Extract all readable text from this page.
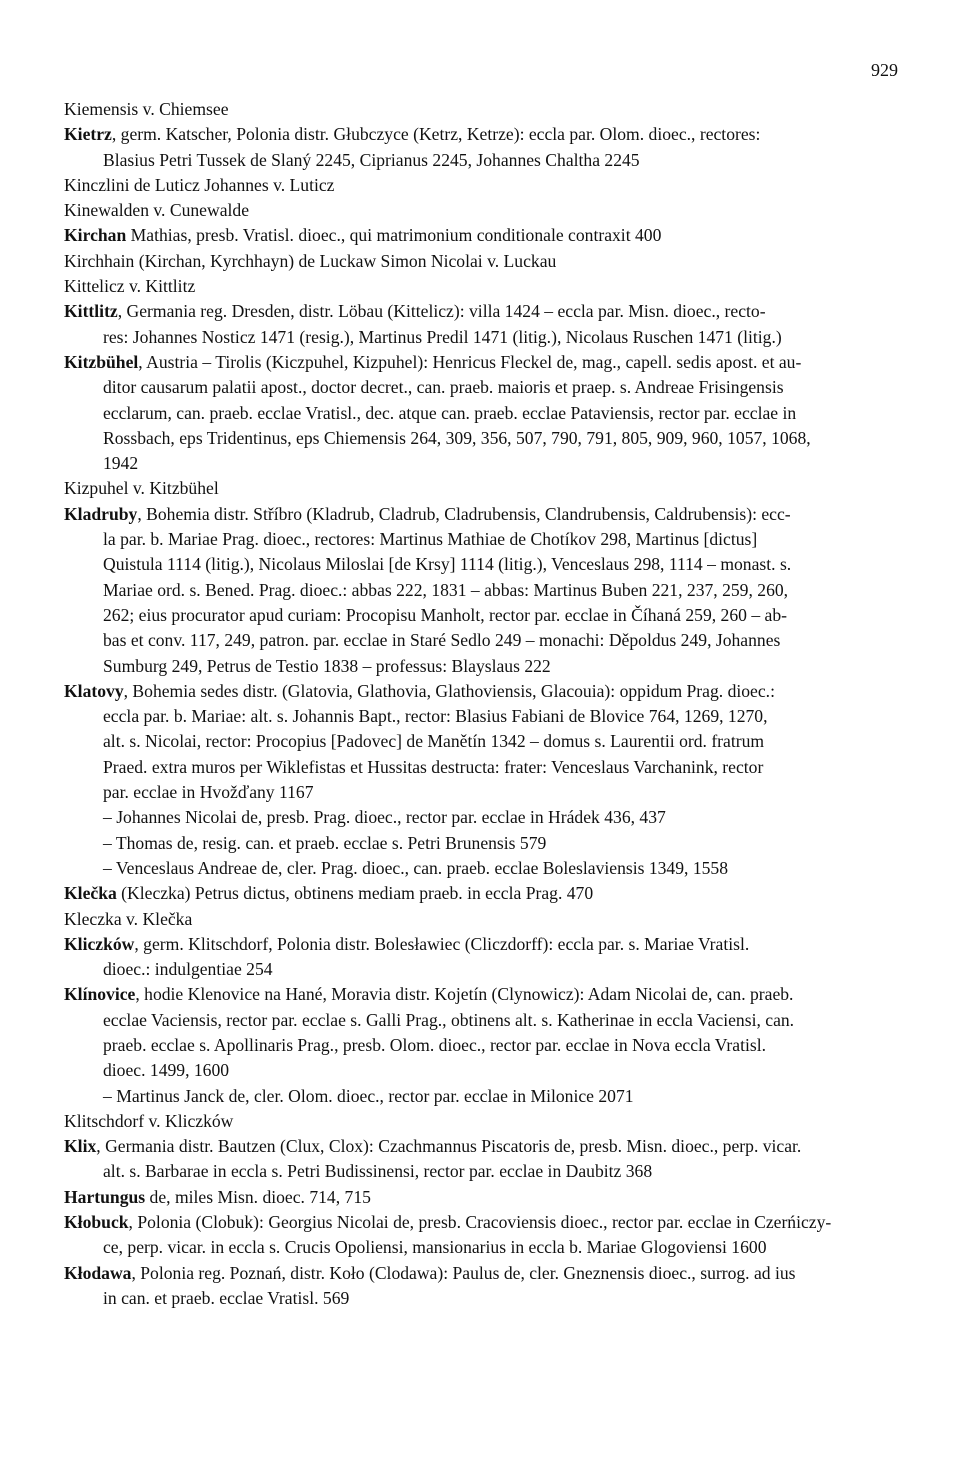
929

Kiemensis v. Chiemsee

Kietrz, germ. Katscher, Polonia distr. Głubczyce (Ketrz, Ketrze): eccla par. Olom. dioec., rectores:
Blasius Petri Tussek de Slaný 2245, Ciprianus 2245, Johannes Chaltha 2245

Kinczlini de Luticz Johannes v. Luticz

Kinewalden v. Cunewalde

Kirchan Mathias, presb. Vratisl. dioec., qui matrimonium conditionale contraxit 400

Kirchhain (Kirchan, Kyrchhayn) de Luckaw Simon Nicolai v. Luckau

Kittelicz v. Kittlitz

Kittlitz, Germania reg. Dresden, distr. Löbau (Kittelicz): villa 1424 – eccla par. Misn. dioec., recto-
res: Johannes Nosticz 1471 (resig.), Martinus Predil 1471 (litig.), Nicolaus Ruschen 1471 (litig.)

Kitzbühel, Austria – Tirolis (Kiczpuhel, Kizpuhel): Henricus Fleckel de, mag., capell. sedis apost. et au-
ditor causarum palatii apost., doctor decret., can. praeb. maioris et praep. s. Andreae Frisingensis
ecclarum, can. praeb. ecclae Vratisl., dec. atque can. praeb. ecclae Pataviensis, rector par. ecclae in
Rossbach, eps Tridentinus, eps Chiemensis 264, 309, 356, 507, 790, 791, 805, 909, 960, 1057, 1068,
1942

Kizpuhel v. Kitzbühel

Kladruby, Bohemia distr. Stříbro (Kladrub, Cladrub, Cladrubensis, Clandrubensis, Caldrubensis): ecc-
la par. b. Mariae Prag. dioec., rectores: Martinus Mathiae de Chotíkov 298, Martinus [dictus]
Quistula 1114 (litig.), Nicolaus Miloslai [de Krsy] 1114 (litig.), Venceslaus 298, 1114 – monast. s.
Mariae ord. s. Bened. Prag. dioec.: abbas 222, 1831 – abbas: Martinus Buben 221, 237, 259, 260,
262; eius procurator apud curiam: Procopisu Manholt, rector par. ecclae in Číhaná 259, 260 – ab-
bas et conv. 117, 249, patron. par. ecclae in Staré Sedlo 249 – monachi: Děpoldus 249, Johannes
Sumburg 249, Petrus de Testio 1838 – professus: Blayslaus 222

Klatovy, Bohemia sedes distr. (Glatovia, Glathovia, Glathoviensis, Glacouia): oppidum Prag. dioec.:
eccla par. b. Mariae: alt. s. Johannis Bapt., rector: Blasius Fabiani de Blovice 764, 1269, 1270,
alt. s. Nicolai, rector: Procopius [Padovec] de Manětín 1342 – domus s. Laurentii ord. fratrum
Praed. extra muros per Wiklefistas et Hussitas destructa: frater: Venceslaus Varchanink, rector
par. ecclae in Hvožďany 1167

– Johannes Nicolai de, presb. Prag. dioec., rector par. ecclae in Hrádek 436, 437

– Thomas de, resig. can. et praeb. ecclae s. Petri Brunensis 579

– Venceslaus Andreae de, cler. Prag. dioec., can. praeb. ecclae Boleslaviensis 1349, 1558

Klečka (Kleczka) Petrus dictus, obtinens mediam praeb. in eccla Prag. 470

Kleczka v. Klečka

Kliczków, germ. Klitschdorf, Polonia distr. Bolesławiec (Cliczdorff): eccla par. s. Mariae Vratisl.
dioec.: indulgentiae 254

Klínovice, hodie Klenovice na Hané, Moravia distr. Kojetín (Clynowicz): Adam Nicolai de, can. praeb.
ecclae Vaciensis, rector par. ecclae s. Galli Prag., obtinens alt. s. Katherinae in eccla Vaciensi, can.
praeb. ecclae s. Apollinaris Prag., presb. Olom. dioec., rector par. ecclae in Nova eccla Vratisl.
dioec. 1499, 1600

– Martinus Janck de, cler. Olom. dioec., rector par. ecclae in Milonice 2071

Klitschdorf v. Kliczków

Klix, Germania distr. Bautzen (Clux, Clox): Czachmannus Piscatoris de, presb. Misn. dioec., perp. vicar.
alt. s. Barbarae in eccla s. Petri Budissinensi, rector par. ecclae in Daubitz 368

Hartungus de, miles Misn. dioec. 714, 715

Kłobuck, Polonia (Clobuk): Georgius Nicolai de, presb. Cracoviensis dioec., rector par. ecclae in Czerńiczy-
ce, perp. vicar. in eccla s. Crucis Opoliensi, mansionarius in eccla b. Mariae Glogoviensi 1600

Kłodawa, Polonia reg. Poznań, distr. Koło (Clodawa): Paulus de, cler. Gneznensis dioec., surrog. ad ius
in can. et praeb. ecclae Vratisl. 569
